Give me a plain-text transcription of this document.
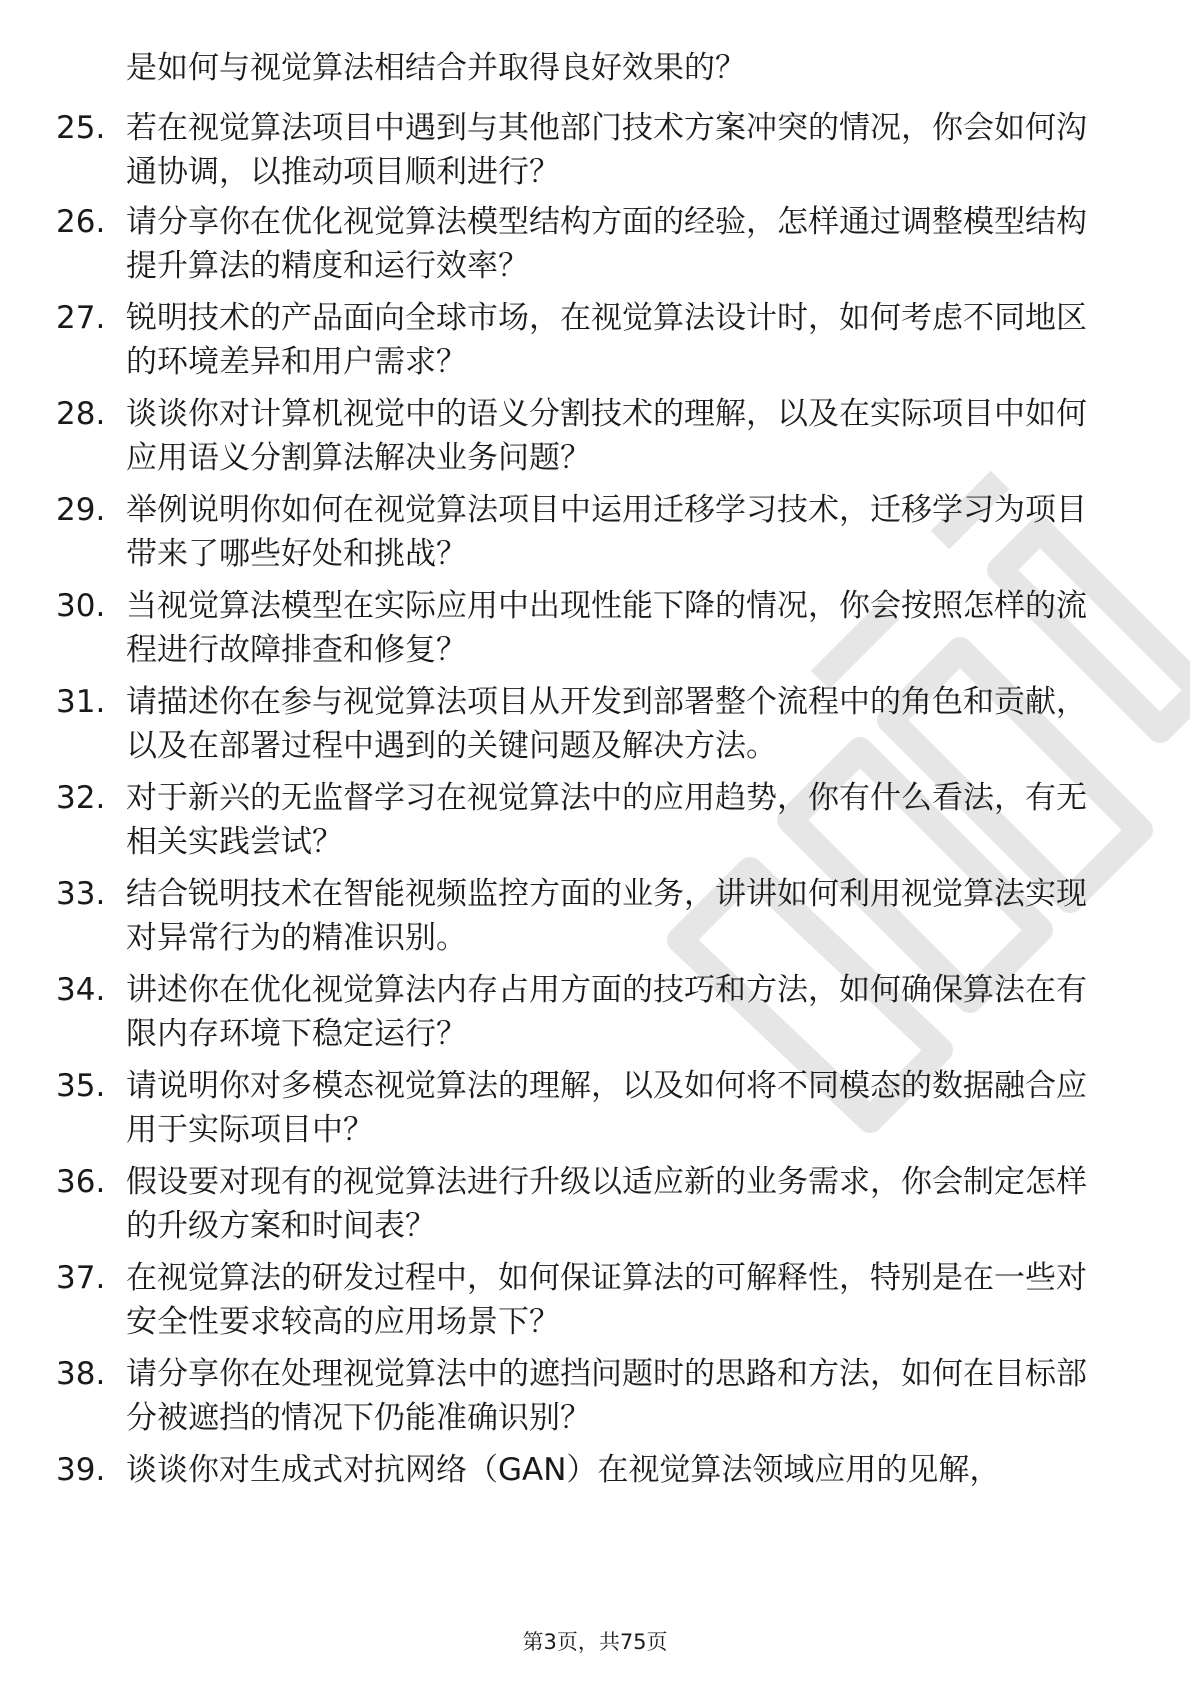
是如何与视觉算法相结合并取得良好效果的？
25. 若在视觉算法项目中遇到与其他部门技术方案冲突的情况，你会如何沟通协调，以推动项目顺利进行？
26. 请分享你在优化视觉算法模型结构方面的经验，怎样通过调整模型结构提升算法的精度和运行效率？
27. 锐明技术的产品面向全球市场，在视觉算法设计时，如何考虑不同地区的环境差异和用户需求？
28. 谈谈你对计算机视觉中的语义分割技术的理解，以及在实际项目中如何应用语义分割算法解决业务问题？
29. 举例说明你如何在视觉算法项目中运用迁移学习技术，迁移学习为项目带来了哪些好处和挑战？
30. 当视觉算法模型在实际应用中出现性能下降的情况，你会按照怎样的流程进行故障排查和修复？
31. 请描述你在参与视觉算法项目从开发到部署整个流程中的角色和贡献，以及在部署过程中遇到的关键问题及解决方法。
32. 对于新兴的无监督学习在视觉算法中的应用趋势，你有什么看法，有无相关实践尝试？
33. 结合锐明技术在智能视频监控方面的业务，讲讲如何利用视觉算法实现对异常行为的精准识别。
34. 讲述你在优化视觉算法内存占用方面的技巧和方法，如何确保算法在有限内存环境下稳定运行？
35. 请说明你对多模态视觉算法的理解，以及如何将不同模态的数据融合应用于实际项目中？
36. 假设要对现有的视觉算法进行升级以适应新的业务需求，你会制定怎样的升级方案和时间表？
37. 在视觉算法的研发过程中，如何保证算法的可解释性，特别是在一些对安全性要求较高的应用场景下？
38. 请分享你在处理视觉算法中的遮挡问题时的思路和方法，如何在目标部分被遮挡的情况下仍能准确识别？
39. 谈谈你对生成式对抗网络（GAN）在视觉算法领域应用的见解，
第3页，共75页
